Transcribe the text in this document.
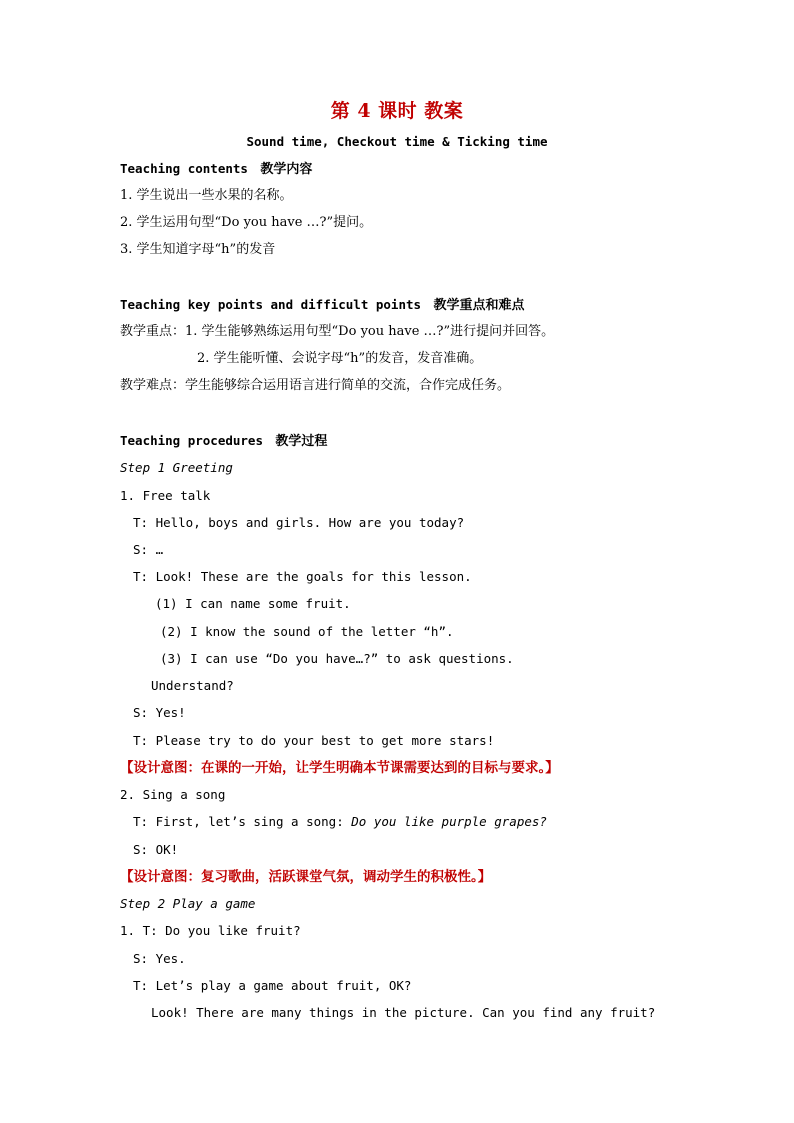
第 4 课时 教案
Sound time, Checkout time & Ticking time
Teaching contents 教学内容
1. 学生说出一些水果的名称。
2. 学生运用句型“Do you have …?”提问。
3. 学生知道字母“h”的发音
Teaching key points and difficult points 教学重点和难点
教学重点：1. 学生能够熟练运用句型“Do you have …?”进行提问并回答。
2. 学生能听懂、会说字母“h”的发音，发音准确。
教学难点：学生能够综合运用语言进行简单的交流，合作完成任务。
Teaching procedures 教学过程
Step 1 Greeting
1. Free talk
T: Hello, boys and girls. How are you today?
S: …
T: Look! These are the goals for this lesson.
(1) I can name some fruit.
(2) I know the sound of the letter “h”.
(3) I can use “Do you have…?” to ask questions.
Understand?
S: Yes!
T: Please try to do your best to get more stars!
【设计意图：在课的一开始，让学生明确本节课需要达到的目标与要求。】
2. Sing a song
T: First, let’s sing a song: Do you like purple grapes?
S: OK!
【设计意图：复习歌曲，活跃课堂气氛，调动学生的积极性。】
Step 2 Play a game
1. T: Do you like fruit?
S: Yes.
T: Let’s play a game about fruit, OK?
Look! There are many things in the picture. Can you find any fruit?
